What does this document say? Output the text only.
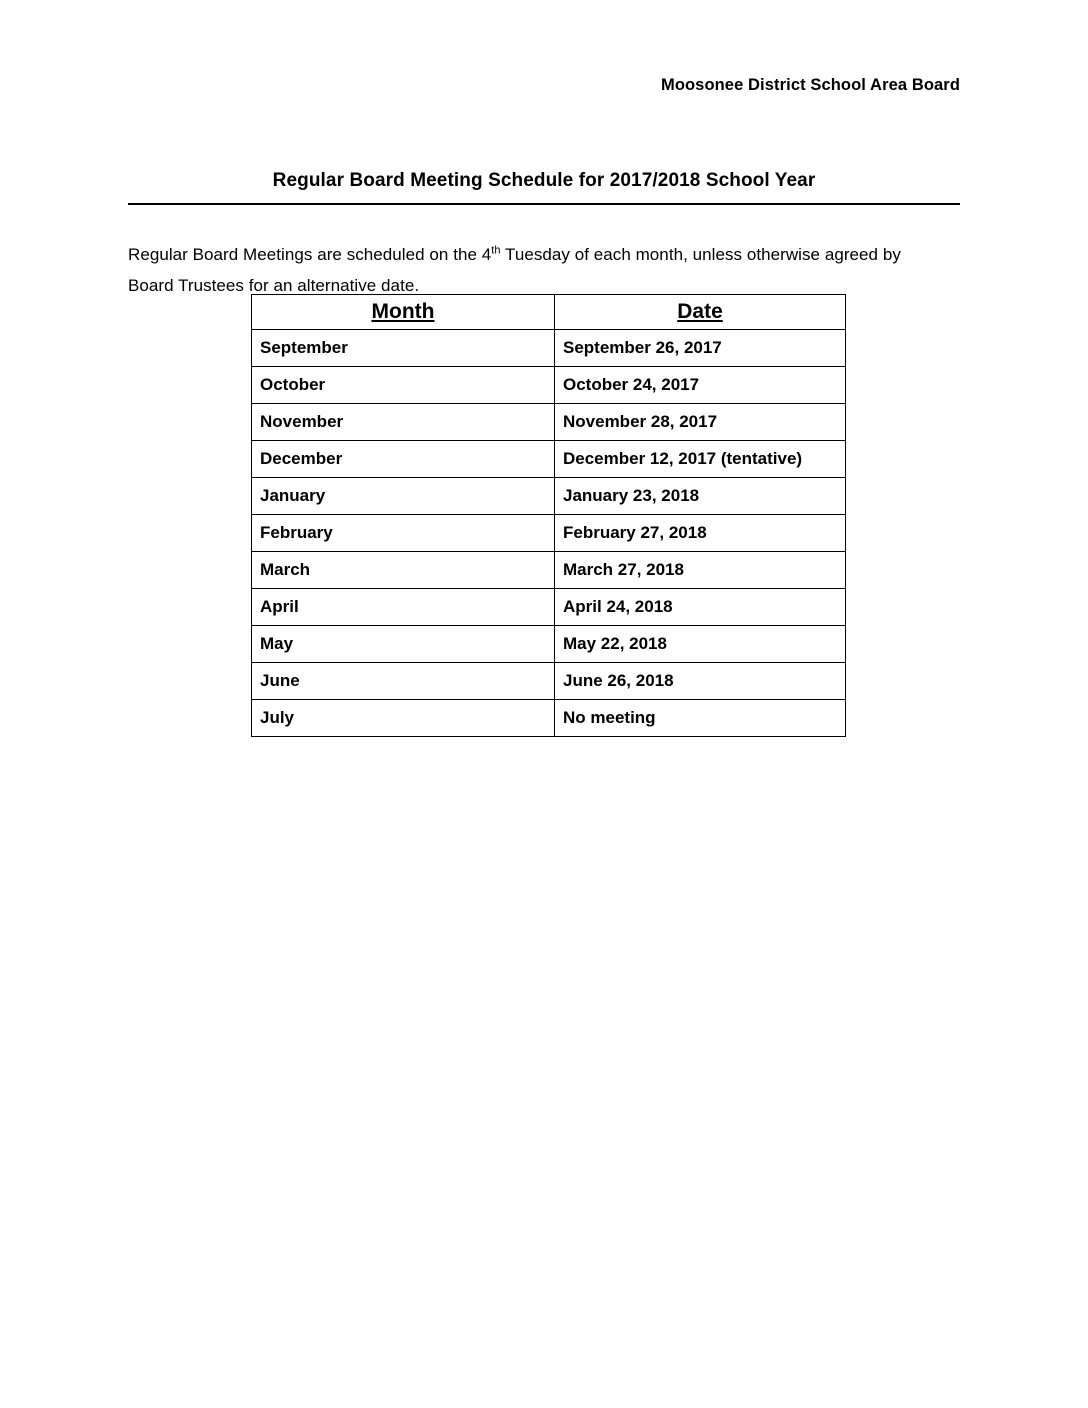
Moosonee District School Area Board
Regular Board Meeting Schedule for 2017/2018 School Year

Regular Board Meetings are scheduled on the 4th Tuesday of each month, unless otherwise agreed by Board Trustees for an alternative date.

Month	Date
September	September 26, 2017
October	October 24, 2017
November	November 28, 2017
December	December 12, 2017 (tentative)
January	January 23, 2018
February	February 27, 2018
March	March 27, 2018
April	April 24, 2018
May	May 22, 2018
June	June 26, 2018
July	No meeting
